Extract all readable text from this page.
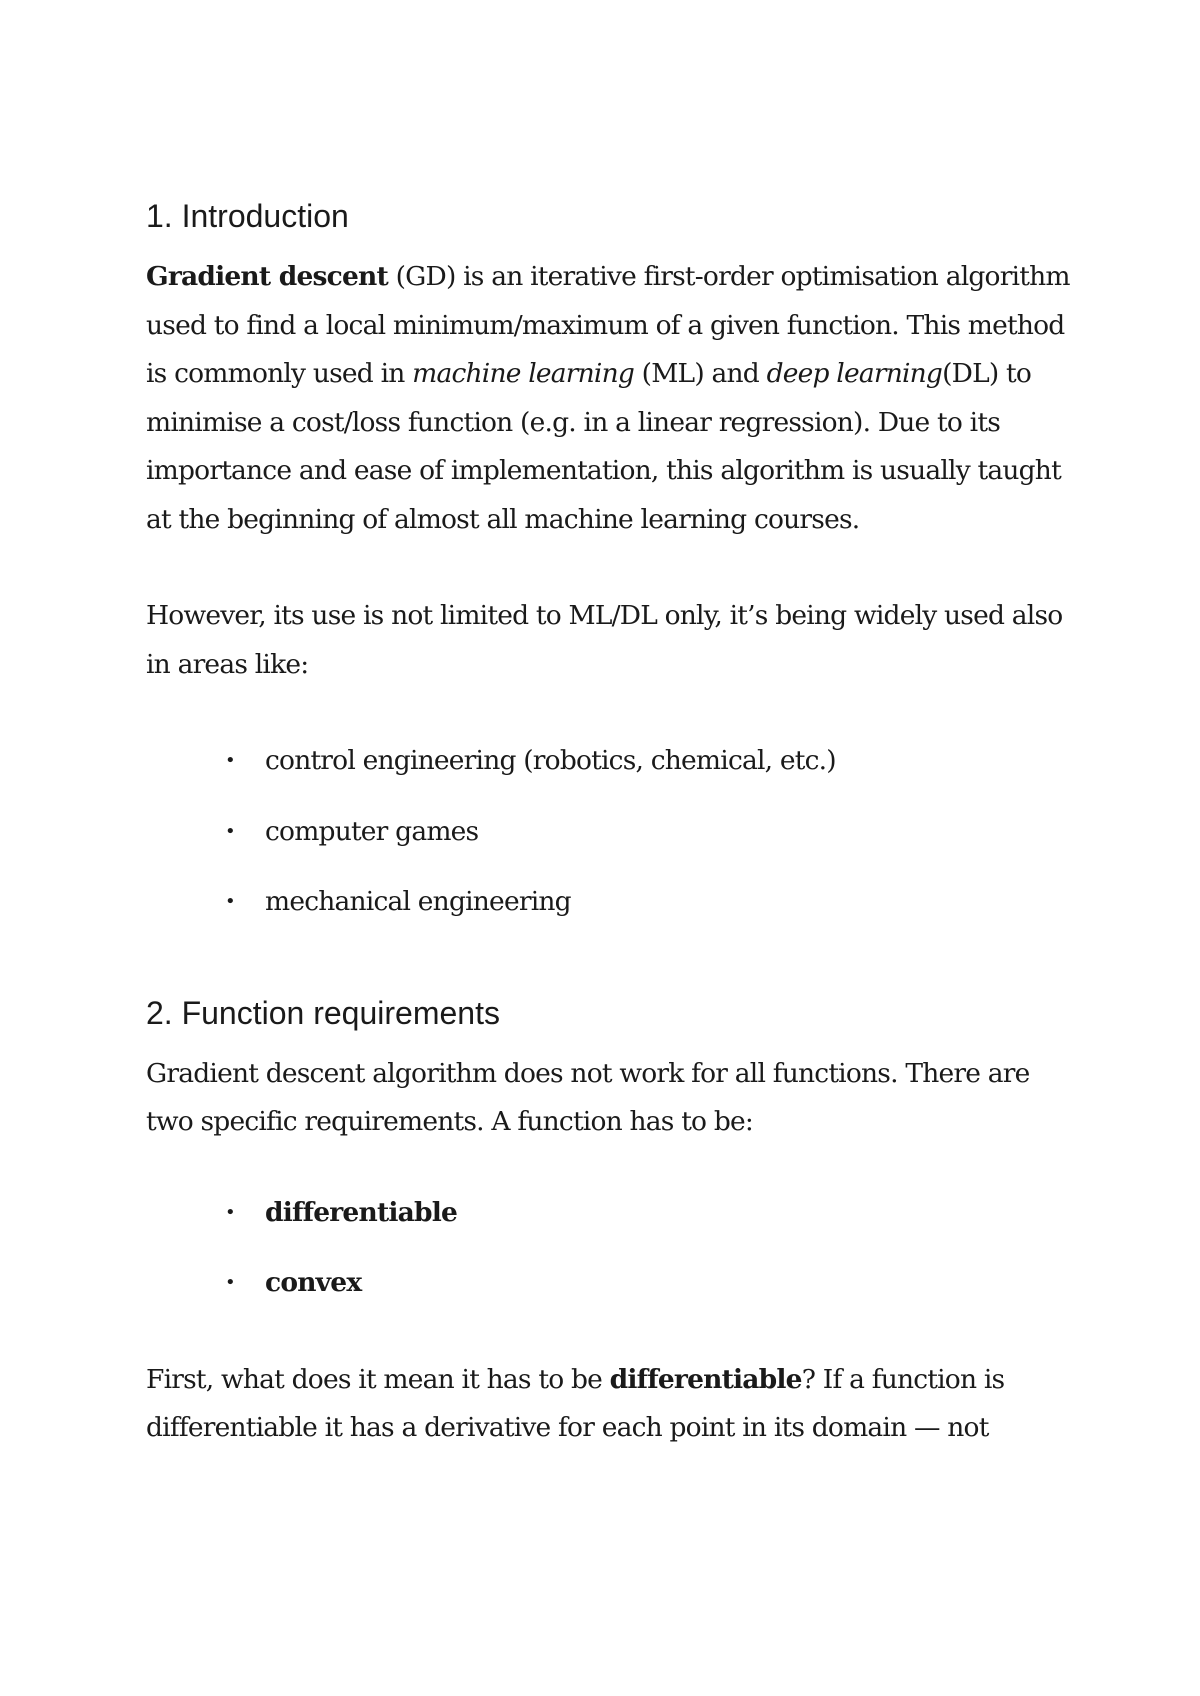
1. Introduction

Gradient descent (GD) is an iterative first-order optimisation algorithm used to find a local minimum/maximum of a given function. This method is commonly used in machine learning (ML) and deep learning(DL) to minimise a cost/loss function (e.g. in a linear regression). Due to its importance and ease of implementation, this algorithm is usually taught at the beginning of almost all machine learning courses.

However, its use is not limited to ML/DL only, it’s being widely used also in areas like:

• control engineering (robotics, chemical, etc.)
• computer games
• mechanical engineering
2. Function requirements

Gradient descent algorithm does not work for all functions. There are two specific requirements. A function has to be:

• differentiable
• convex

First, what does it mean it has to be differentiable? If a function is differentiable it has a derivative for each point in its domain — not
